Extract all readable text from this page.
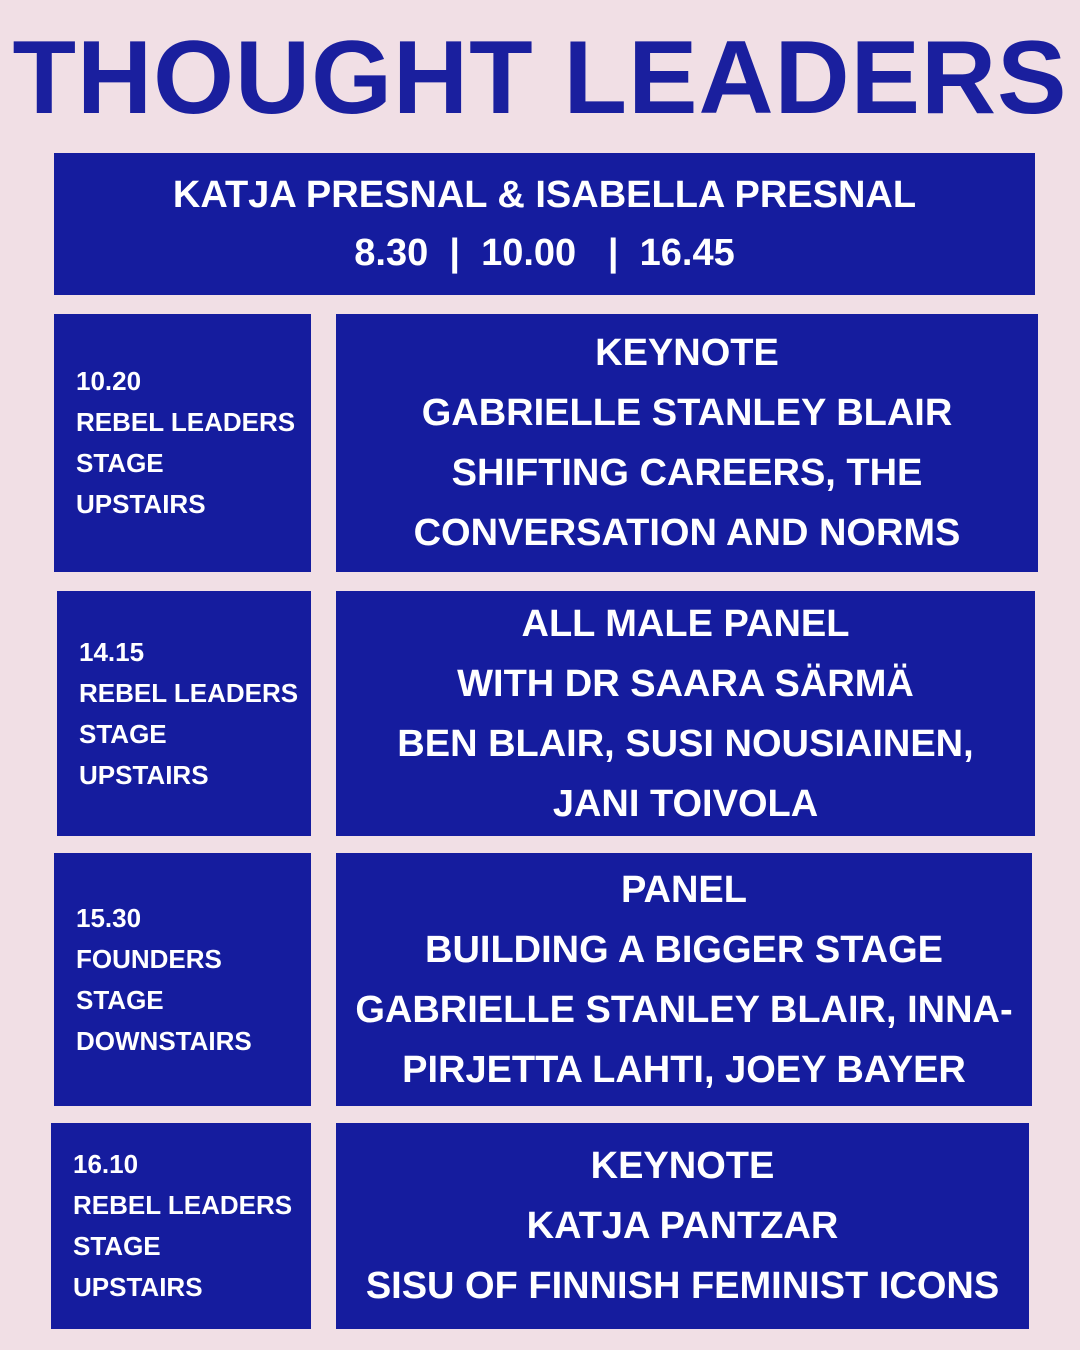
THOUGHT LEADERS
KATJA PRESNAL & ISABELLA PRESNAL
8.30  |  10.00   |  16.45
10.20
REBEL LEADERS
STAGE
UPSTAIRS
KEYNOTE
GABRIELLE STANLEY BLAIR
SHIFTING CAREERS, THE
CONVERSATION AND NORMS
14.15
REBEL LEADERS
STAGE
UPSTAIRS
ALL MALE PANEL
WITH DR SAARA SÄRMÄ
BEN BLAIR, SUSI NOUSIAINEN,
JANI TOIVOLA
15.30
FOUNDERS
STAGE
DOWNSTAIRS
PANEL
BUILDING A BIGGER STAGE
GABRIELLE STANLEY BLAIR, INNA-
PIRJETTA LAHTI, JOEY BAYER
16.10
REBEL LEADERS
STAGE
UPSTAIRS
KEYNOTE
KATJA PANTZAR
SISU OF FINNISH FEMINIST ICONS
